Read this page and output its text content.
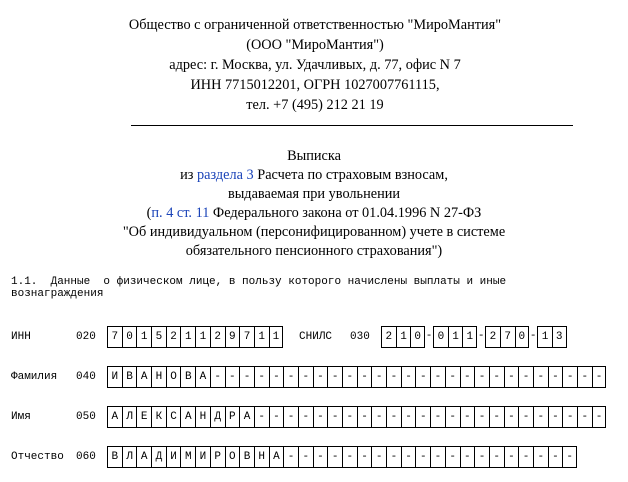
Общество с ограниченной ответственностью "МироМантия"
(ООО "МироМантия")
адрес: г. Москва, ул. Удачливых, д. 77, офис N 7
ИНН 7715012201, ОГРН 1027007761115,
тел. +7 (495) 212 21 19
Выписка
из раздела 3 Расчета по страховым взносам,
выдаваемая при увольнении
(п. 4 ст. 11 Федерального закона от 01.04.1996 N 27-ФЗ
"Об индивидуальном (персонифицированном) учете в системе
обязательного пенсионного страхования")
1.1.  Данные  о физическом лице, в пользу которого начислены выплаты и иные
вознаграждения
ИНН	020	7 0 1 5 2 1 1 2 9 7 1 1	СНИЛС 030	2 1 0 - 0 1 1 - 2 7 0 - 1 3
Фамилия 040	И В А Н О В А - - - - - - - - - - - - - - - - - - - - - - - - - - -
Имя	050	А Л Е К С А Н Д Р А - - - - - - - - - - - - - - - - - - - - - - - -
Отчество 060	В Л А Д И М И Р О В Н А - - - - - - - - - - - - - - - - - - - -
